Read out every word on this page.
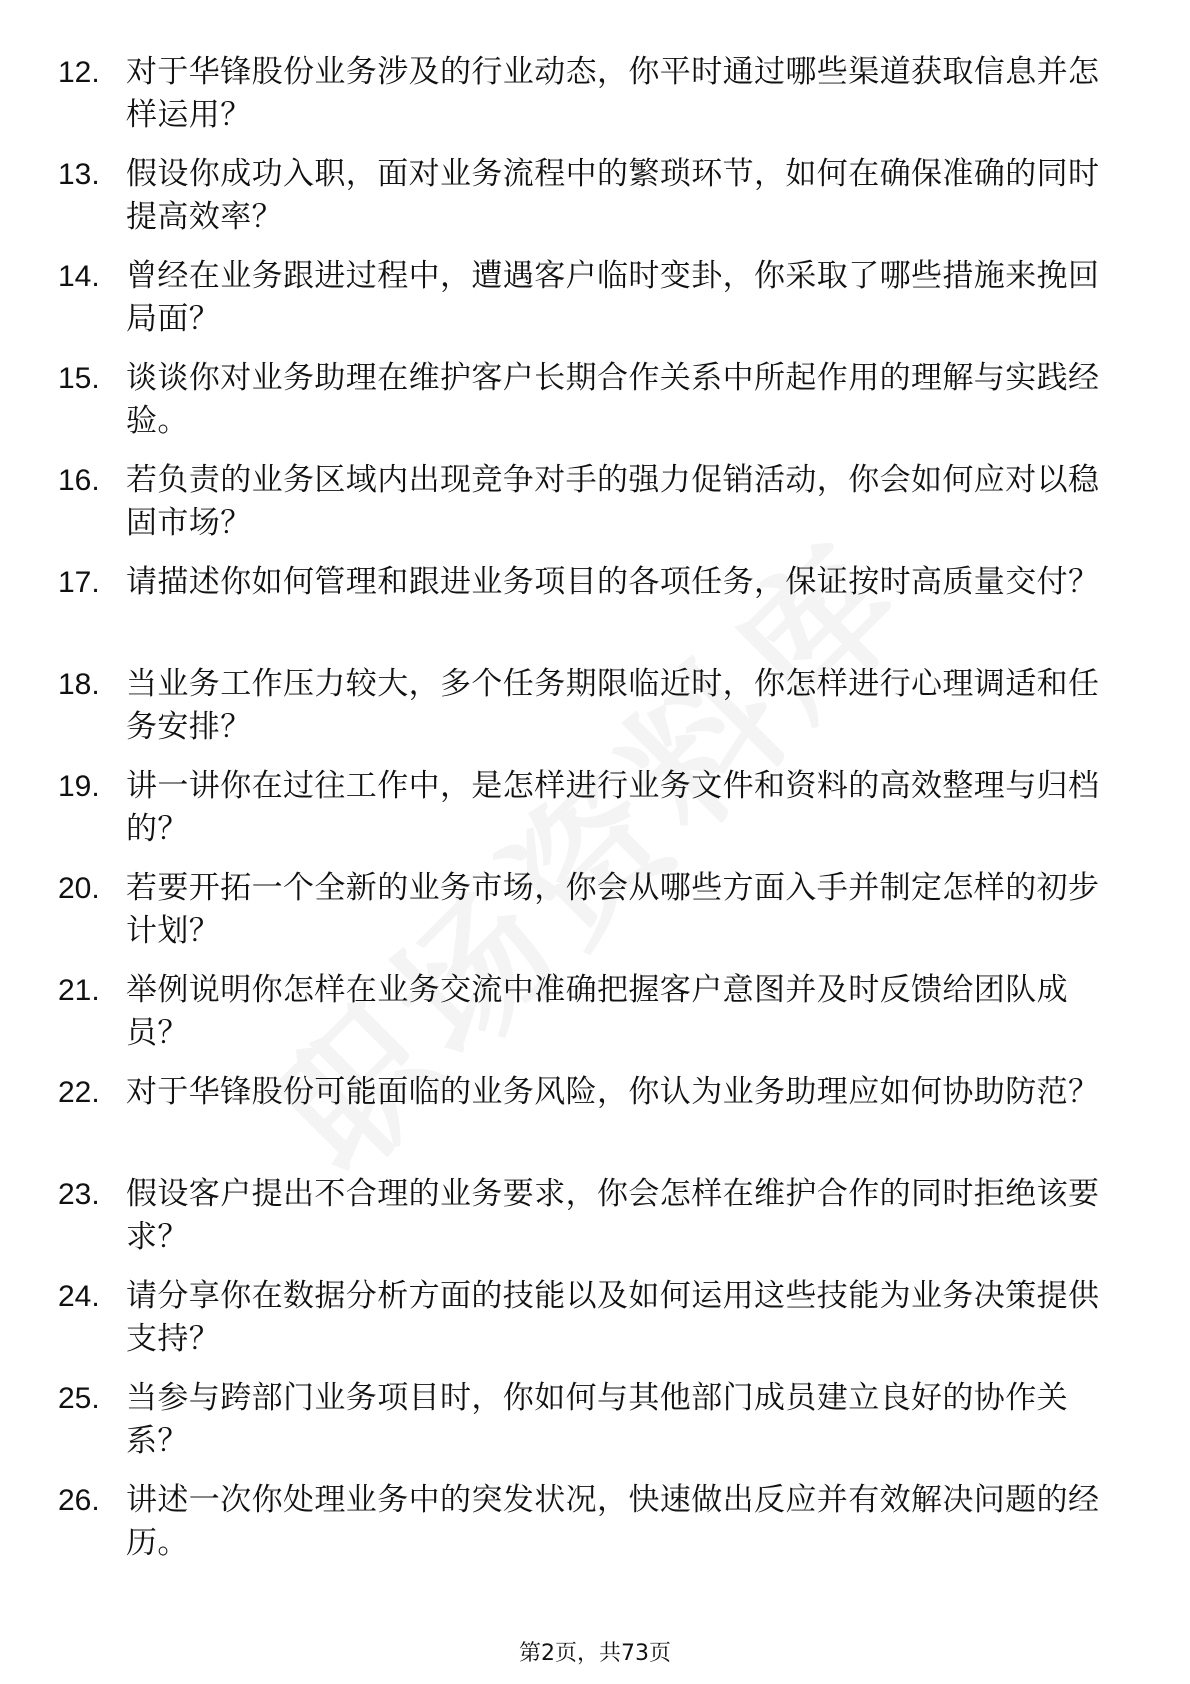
12. 对于华锋股份业务涉及的行业动态，你平时通过哪些渠道获取信息并怎样运用？
13. 假设你成功入职，面对业务流程中的繁琐环节，如何在确保准确的同时提高效率？
14. 曾经在业务跟进过程中，遭遇客户临时变卦，你采取了哪些措施来挽回局面？
15. 谈谈你对业务助理在维护客户长期合作关系中所起作用的理解与实践经验。
16. 若负责的业务区域内出现竞争对手的强力促销活动，你会如何应对以稳固市场？
17. 请描述你如何管理和跟进业务项目的各项任务，保证按时高质量交付？
18. 当业务工作压力较大，多个任务期限临近时，你怎样进行心理调适和任务安排？
19. 讲一讲你在过往工作中，是怎样进行业务文件和资料的高效整理与归档的？
20. 若要开拓一个全新的业务市场，你会从哪些方面入手并制定怎样的初步计划？
21. 举例说明你怎样在业务交流中准确把握客户意图并及时反馈给团队成员？
22. 对于华锋股份可能面临的业务风险，你认为业务助理应如何协助防范？
23. 假设客户提出不合理的业务要求，你会怎样在维护合作的同时拒绝该要求？
24. 请分享你在数据分析方面的技能以及如何运用这些技能为业务决策提供支持？
25. 当参与跨部门业务项目时，你如何与其他部门成员建立良好的协作关系？
26. 讲述一次你处理业务中的突发状况，快速做出反应并有效解决问题的经历。
第2页，共73页
